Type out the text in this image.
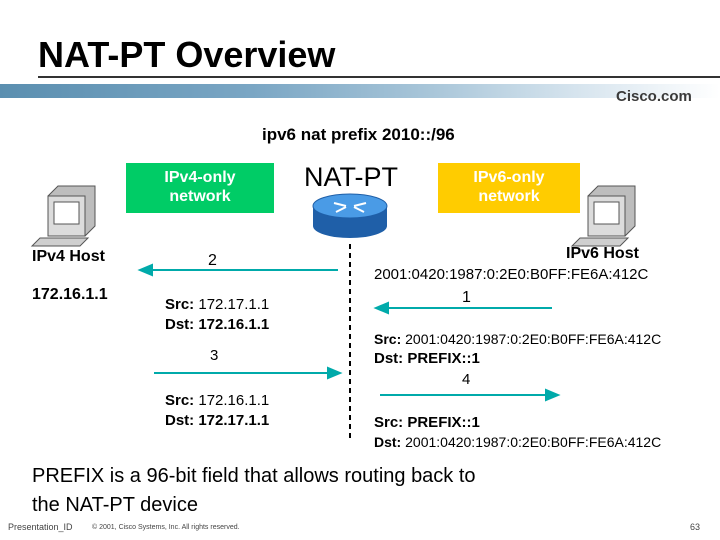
NAT-PT Overview
Cisco.com
ipv6 nat prefix 2010::/96
IPv4-only
network
IPv6-only
network
NAT-PT
IPv4 Host
172.16.1.1
IPv6 Host
2001:0420:1987:0:2E0:B0FF:FE6A:412C
2
Src: 172.17.1.1
Dst: 172.16.1.1
3
Src: 172.16.1.1
Dst: 172.17.1.1
1
Src: 2001:0420:1987:0:2E0:B0FF:FE6A:412C
Dst: PREFIX::1
4
Src: PREFIX::1
Dst: 2001:0420:1987:0:2E0:B0FF:FE6A:412C
PREFIX is a 96-bit field that allows routing back to
the NAT-PT device
Presentation_ID	© 2001, Cisco Systems, Inc. All rights reserved.	63
